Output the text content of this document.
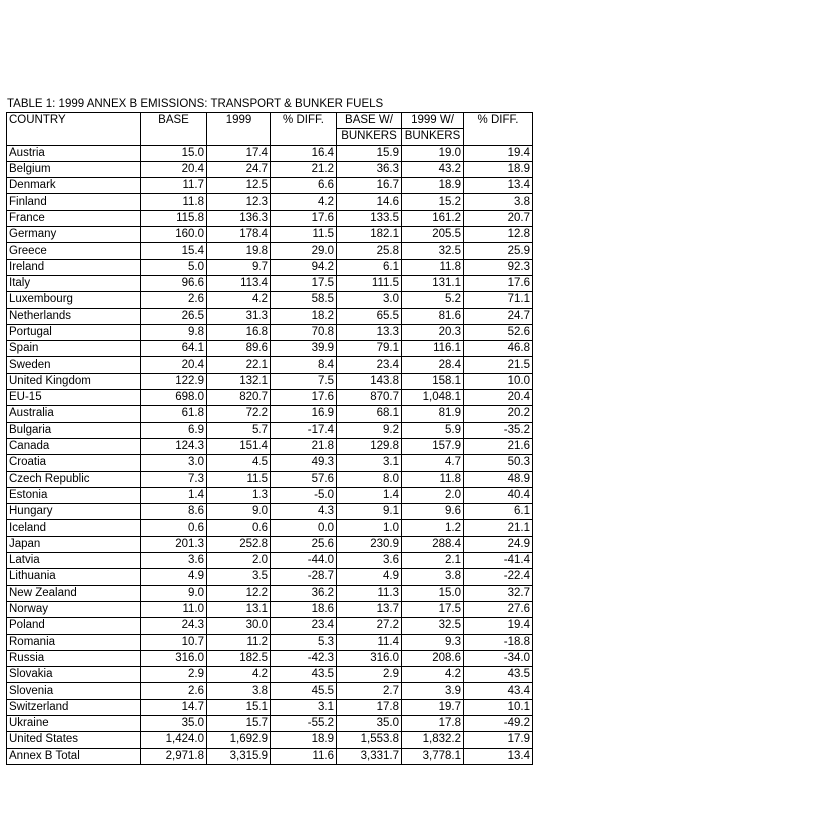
TABLE 1: 1999 ANNEX B EMISSIONS: TRANSPORT & BUNKER FUELS
COUNTRY	BASE	1999	% DIFF.	BASE W/	1999 W/	% DIFF.
				BUNKERS	BUNKERS	
Austria	15.0	17.4	16.4	15.9	19.0	19.4
Belgium	20.4	24.7	21.2	36.3	43.2	18.9
Denmark	11.7	12.5	6.6	16.7	18.9	13.4
Finland	11.8	12.3	4.2	14.6	15.2	3.8
France	115.8	136.3	17.6	133.5	161.2	20.7
Germany	160.0	178.4	11.5	182.1	205.5	12.8
Greece	15.4	19.8	29.0	25.8	32.5	25.9
Ireland	5.0	9.7	94.2	6.1	11.8	92.3
Italy	96.6	113.4	17.5	111.5	131.1	17.6
Luxembourg	2.6	4.2	58.5	3.0	5.2	71.1
Netherlands	26.5	31.3	18.2	65.5	81.6	24.7
Portugal	9.8	16.8	70.8	13.3	20.3	52.6
Spain	64.1	89.6	39.9	79.1	116.1	46.8
Sweden	20.4	22.1	8.4	23.4	28.4	21.5
United Kingdom	122.9	132.1	7.5	143.8	158.1	10.0
EU-15	698.0	820.7	17.6	870.7	1,048.1	20.4
Australia	61.8	72.2	16.9	68.1	81.9	20.2
Bulgaria	6.9	5.7	-17.4	9.2	5.9	-35.2
Canada	124.3	151.4	21.8	129.8	157.9	21.6
Croatia	3.0	4.5	49.3	3.1	4.7	50.3
Czech Republic	7.3	11.5	57.6	8.0	11.8	48.9
Estonia	1.4	1.3	-5.0	1.4	2.0	40.4
Hungary	8.6	9.0	4.3	9.1	9.6	6.1
Iceland	0.6	0.6	0.0	1.0	1.2	21.1
Japan	201.3	252.8	25.6	230.9	288.4	24.9
Latvia	3.6	2.0	-44.0	3.6	2.1	-41.4
Lithuania	4.9	3.5	-28.7	4.9	3.8	-22.4
New Zealand	9.0	12.2	36.2	11.3	15.0	32.7
Norway	11.0	13.1	18.6	13.7	17.5	27.6
Poland	24.3	30.0	23.4	27.2	32.5	19.4
Romania	10.7	11.2	5.3	11.4	9.3	-18.8
Russia	316.0	182.5	-42.3	316.0	208.6	-34.0
Slovakia	2.9	4.2	43.5	2.9	4.2	43.5
Slovenia	2.6	3.8	45.5	2.7	3.9	43.4
Switzerland	14.7	15.1	3.1	17.8	19.7	10.1
Ukraine	35.0	15.7	-55.2	35.0	17.8	-49.2
United States	1,424.0	1,692.9	18.9	1,553.8	1,832.2	17.9
Annex B Total	2,971.8	3,315.9	11.6	3,331.7	3,778.1	13.4
